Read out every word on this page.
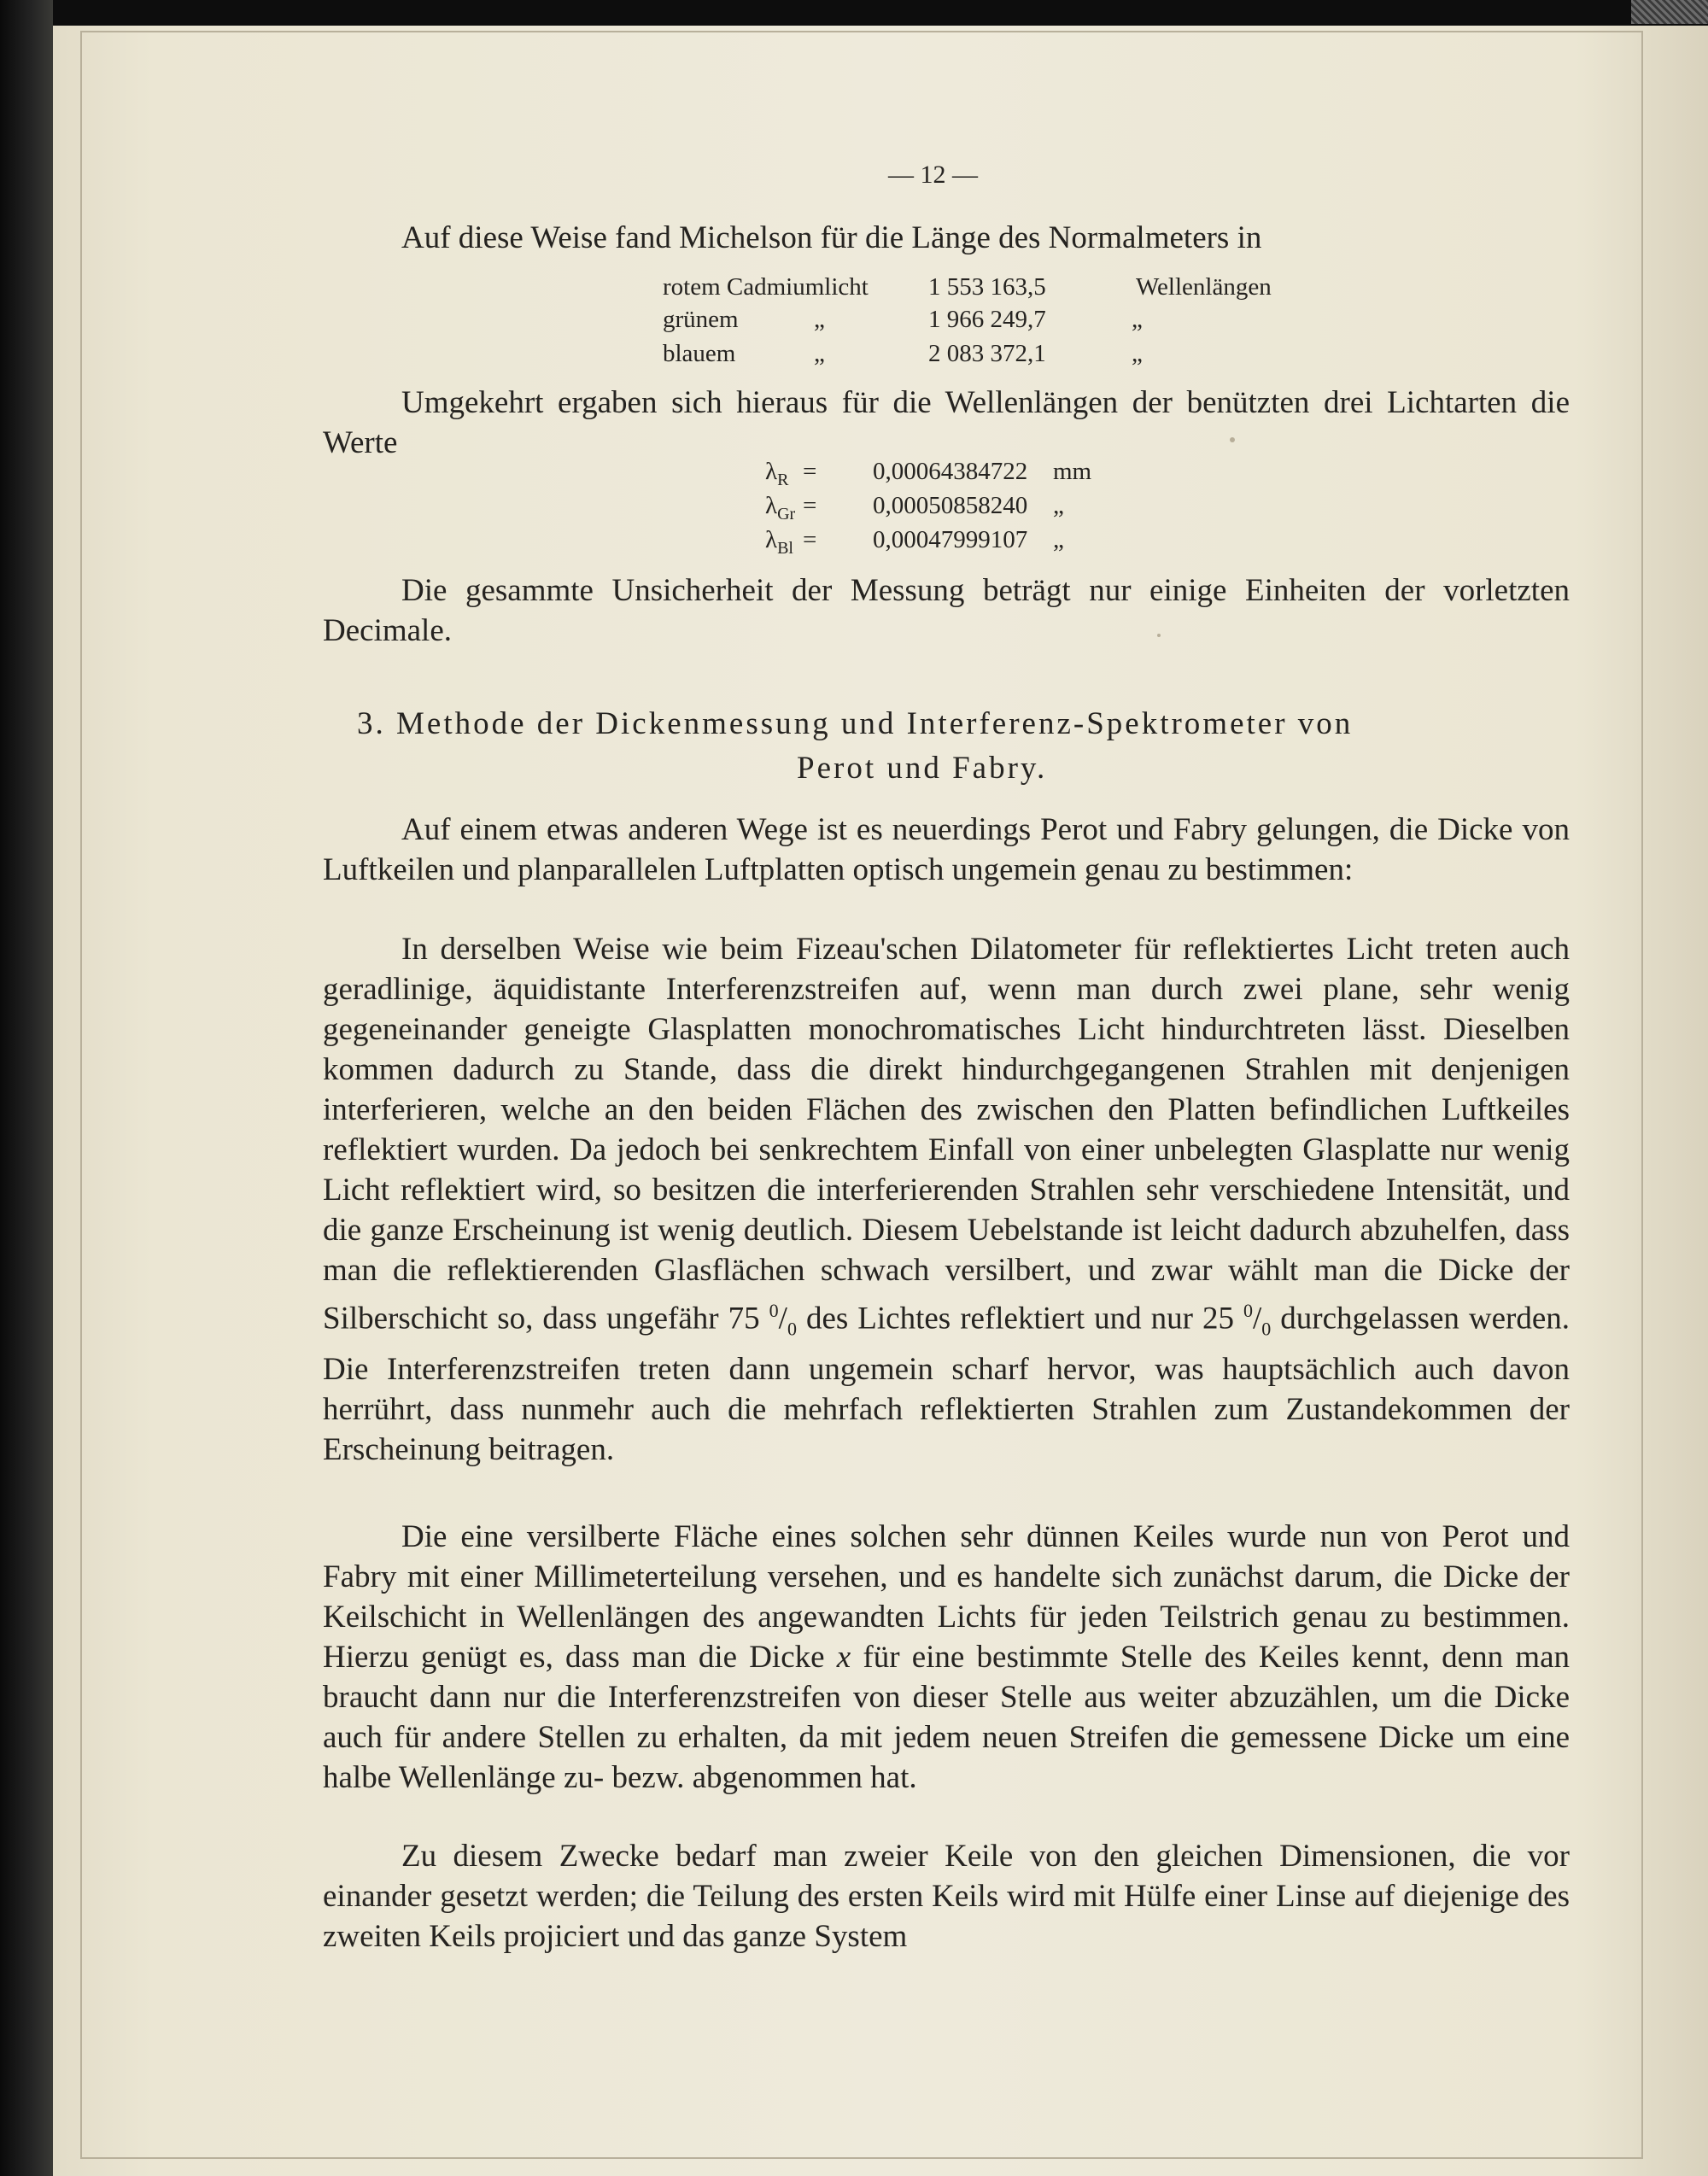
— 12 —

Auf diese Weise fand Michelson für die Länge des Normalmeters in

rotem Cadmiumlicht 1 553 163,5	Wellenlängen
grünem	„	1 966 249,7	„
blauem	„	2 083 372,1	„

Umgekehrt ergaben sich hieraus für die Wellenlängen der benützten drei Lichtarten die Werte

$\lambda_R = 0,00064384722$ mm
$\lambda_{Gr} = 0,00050858240$ „
$\lambda_{Bl} = 0,00047999107$ „

Die gesammte Unsicherheit der Messung beträgt nur einige Einheiten der vorletzten Decimale.

3. Methode der Dickenmessung und Interferenz-Spektrometer von
Perot und Fabry.

Auf einem etwas anderen Wege ist es neuerdings Perot und Fabry gelungen, die Dicke von Luftkeilen und planparallelen Luftplatten optisch ungemein genau zu bestimmen:

In derselben Weise wie beim Fizeau'schen Dilatometer für reflektiertes Licht treten auch geradlinige, äquidistante Interferenzstreifen auf, wenn man durch zwei plane, sehr wenig gegeneinander geneigte Glasplatten monochromatisches Licht hindurchtreten lässt. Dieselben kommen dadurch zu Stande, dass die direkt hindurchgegangenen Strahlen mit denjenigen interferieren, welche an den beiden Flächen des zwischen den Platten befindlichen Luftkeiles reflektiert wurden. Da jedoch bei senkrechtem Einfall von einer unbelegten Glasplatte nur wenig Licht reflektiert wird, so besitzen die interferierenden Strahlen sehr verschiedene Intensität, und die ganze Erscheinung ist wenig deutlich. Diesem Uebelstande ist leicht dadurch abzuhelfen, dass man die reflektierenden Glasflächen schwach versilbert, und zwar wählt man die Dicke der Silberschicht so, dass ungefähr 75 $^0/_0$ des Lichtes reflektiert und nur 25 $^0/_0$ durchgelassen werden. Die Interferenzstreifen treten dann ungemein scharf hervor, was hauptsächlich auch davon herrührt, dass nunmehr auch die mehrfach reflektierten Strahlen zum Zustandekommen der Erscheinung beitragen.

Die eine versilberte Fläche eines solchen sehr dünnen Keiles wurde nun von Perot und Fabry mit einer Millimeterteilung versehen, und es handelte sich zunächst darum, die Dicke der Keilschicht in Wellenlängen des angewandten Lichts für jeden Teilstrich genau zu bestimmen. Hierzu genügt es, dass man die Dicke x für eine bestimmte Stelle des Keiles kennt, denn man braucht dann nur die Interferenzstreifen von dieser Stelle aus weiter abzuzählen, um die Dicke auch für andere Stellen zu erhalten, da mit jedem neuen Streifen die gemessene Dicke um eine halbe Wellenlänge zu- bezw. abgenommen hat.

Zu diesem Zwecke bedarf man zweier Keile von den gleichen Dimensionen, die vor einander gesetzt werden; die Teilung des ersten Keils wird mit Hülfe einer Linse auf diejenige des zweiten Keils projiciert und das ganze System
